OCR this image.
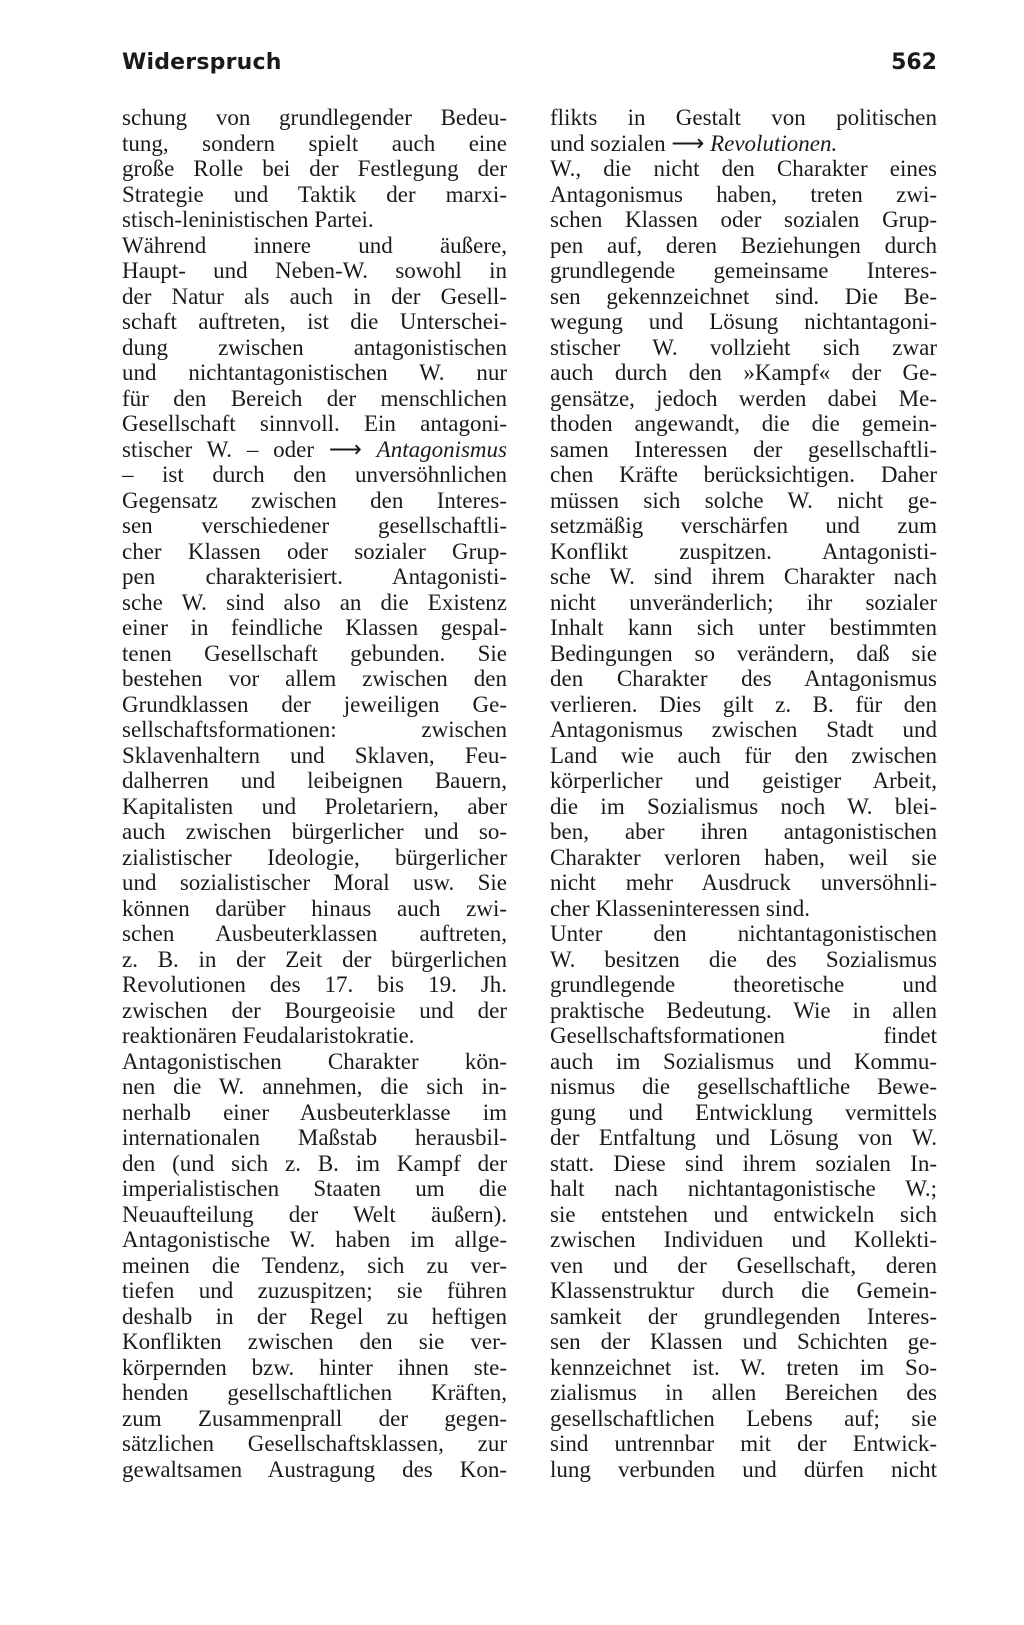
Widerspruch	562
schung von grundlegender Bedeu-
tung, sondern spielt auch eine
große Rolle bei der Festlegung der
Strategie und Taktik der marxi-
stisch-leninistischen Partei.
Während innere und äußere,
Haupt- und Neben-W. sowohl in
der Natur als auch in der Gesell-
schaft auftreten, ist die Unterschei-
dung zwischen antagonistischen
und nichtantagonistischen W. nur
für den Bereich der menschlichen
Gesellschaft sinnvoll. Ein antagoni-
stischer W. – oder ⟶ Antagonismus
– ist durch den unversöhnlichen
Gegensatz zwischen den Interes-
sen verschiedener gesellschaftli-
cher Klassen oder sozialer Grup-
pen charakterisiert. Antagonisti-
sche W. sind also an die Existenz
einer in feindliche Klassen gespal-
tenen Gesellschaft gebunden. Sie
bestehen vor allem zwischen den
Grundklassen der jeweiligen Ge-
sellschaftsformationen: zwischen
Sklavenhaltern und Sklaven, Feu-
dalherren und leibeignen Bauern,
Kapitalisten und Proletariern, aber
auch zwischen bürgerlicher und so-
zialistischer Ideologie, bürgerlicher
und sozialistischer Moral usw. Sie
können darüber hinaus auch zwi-
schen Ausbeuterklassen auftreten,
z. B. in der Zeit der bürgerlichen
Revolutionen des 17. bis 19. Jh.
zwischen der Bourgeoisie und der
reaktionären Feudalaristokratie.
Antagonistischen Charakter kön-
nen die W. annehmen, die sich in-
nerhalb einer Ausbeuterklasse im
internationalen Maßstab herausbil-
den (und sich z. B. im Kampf der
imperialistischen Staaten um die
Neuaufteilung der Welt äußern).
Antagonistische W. haben im allge-
meinen die Tendenz, sich zu ver-
tiefen und zuzuspitzen; sie führen
deshalb in der Regel zu heftigen
Konflikten zwischen den sie ver-
körpernden bzw. hinter ihnen ste-
henden gesellschaftlichen Kräften,
zum Zusammenprall der gegen-
sätzlichen Gesellschaftsklassen, zur
gewaltsamen Austragung des Kon-
flikts in Gestalt von politischen
und sozialen ⟶ Revolutionen.
W., die nicht den Charakter eines
Antagonismus haben, treten zwi-
schen Klassen oder sozialen Grup-
pen auf, deren Beziehungen durch
grundlegende gemeinsame Interes-
sen gekennzeichnet sind. Die Be-
wegung und Lösung nichtantagoni-
stischer W. vollzieht sich zwar
auch durch den »Kampf« der Ge-
gensätze, jedoch werden dabei Me-
thoden angewandt, die die gemein-
samen Interessen der gesellschaftli-
chen Kräfte berücksichtigen. Daher
müssen sich solche W. nicht ge-
setzmäßig verschärfen und zum
Konflikt zuspitzen. Antagonisti-
sche W. sind ihrem Charakter nach
nicht unveränderlich; ihr sozialer
Inhalt kann sich unter bestimmten
Bedingungen so verändern, daß sie
den Charakter des Antagonismus
verlieren. Dies gilt z. B. für den
Antagonismus zwischen Stadt und
Land wie auch für den zwischen
körperlicher und geistiger Arbeit,
die im Sozialismus noch W. blei-
ben, aber ihren antagonistischen
Charakter verloren haben, weil sie
nicht mehr Ausdruck unversöhnli-
cher Klasseninteressen sind.
Unter den nichtantagonistischen
W. besitzen die des Sozialismus
grundlegende theoretische und
praktische Bedeutung. Wie in allen
Gesellschaftsformationen findet
auch im Sozialismus und Kommu-
nismus die gesellschaftliche Bewe-
gung und Entwicklung vermittels
der Entfaltung und Lösung von W.
statt. Diese sind ihrem sozialen In-
halt nach nichtantagonistische W.;
sie entstehen und entwickeln sich
zwischen Individuen und Kollekti-
ven und der Gesellschaft, deren
Klassenstruktur durch die Gemein-
samkeit der grundlegenden Interes-
sen der Klassen und Schichten ge-
kennzeichnet ist. W. treten im So-
zialismus in allen Bereichen des
gesellschaftlichen Lebens auf; sie
sind untrennbar mit der Entwick-
lung verbunden und dürfen nicht
